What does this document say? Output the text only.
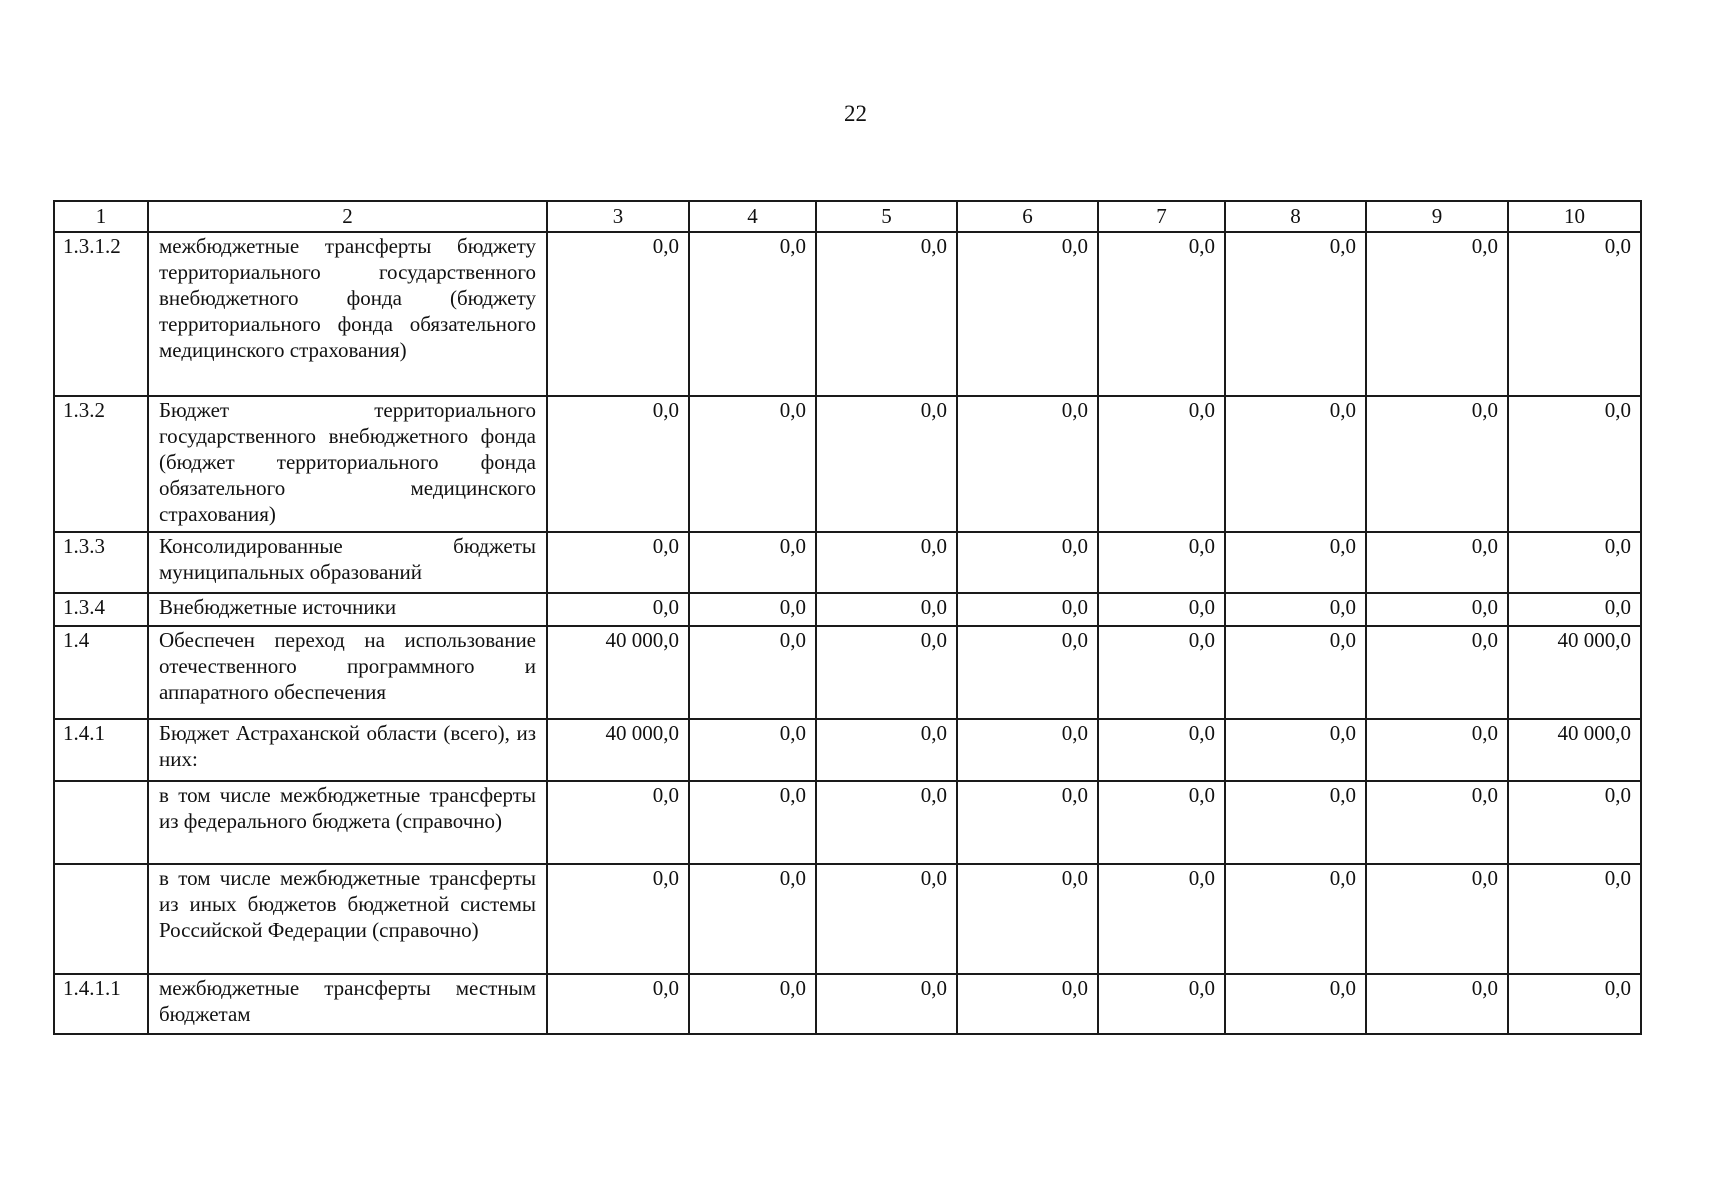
22
1	2	3	4	5	6	7	8	9	10
1.3.1.2	межбюджетные трансферты бюджету территориального государственного внебюджетного фонда (бюджету территориального фонда обязательного медицинского страхования)	0,0	0,0	0,0	0,0	0,0	0,0	0,0	0,0
1.3.2	Бюджет территориального государственного внебюджетного фонда (бюджет территориального фонда обязательного медицинского страхования)	0,0	0,0	0,0	0,0	0,0	0,0	0,0	0,0
1.3.3	Консолидированные бюджеты муниципальных образований	0,0	0,0	0,0	0,0	0,0	0,0	0,0	0,0
1.3.4	Внебюджетные источники	0,0	0,0	0,0	0,0	0,0	0,0	0,0	0,0
1.4	Обеспечен переход на использование отечественного программного и аппаратного обеспечения	40 000,0	0,0	0,0	0,0	0,0	0,0	0,0	40 000,0
1.4.1	Бюджет Астраханской области (всего), из них:	40 000,0	0,0	0,0	0,0	0,0	0,0	0,0	40 000,0
	в том числе межбюджетные трансферты из федерального бюджета (справочно)	0,0	0,0	0,0	0,0	0,0	0,0	0,0	0,0
	в том числе межбюджетные трансферты из иных бюджетов бюджетной системы Российской Федерации (справочно)	0,0	0,0	0,0	0,0	0,0	0,0	0,0	0,0
1.4.1.1	межбюджетные трансферты местным бюджетам	0,0	0,0	0,0	0,0	0,0	0,0	0,0	0,0
